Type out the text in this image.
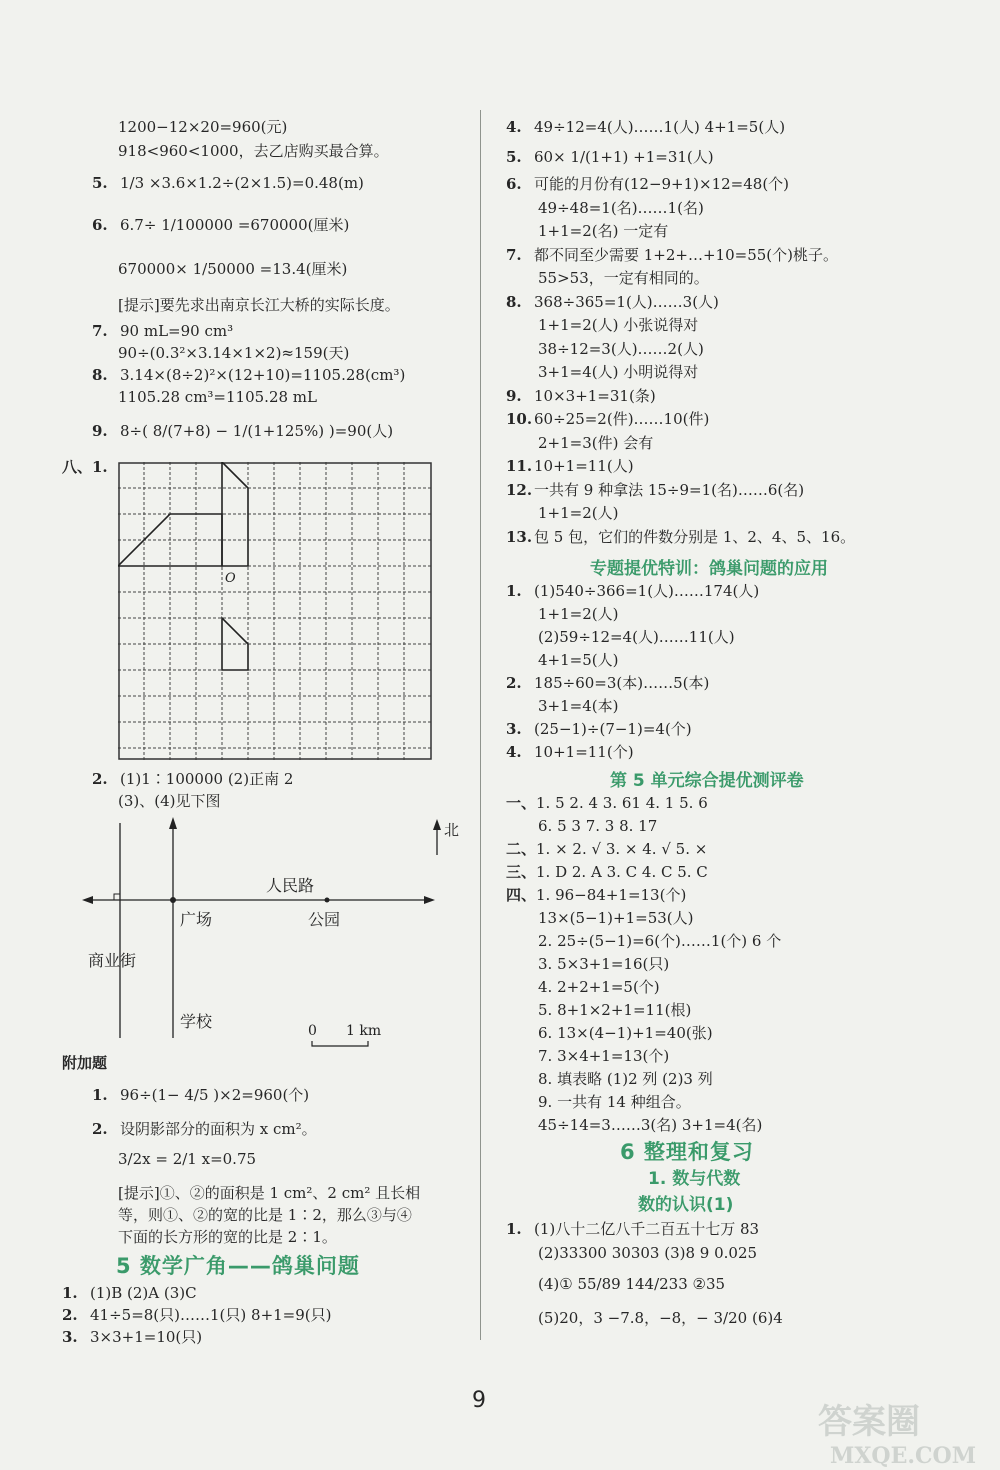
1200−12×20=960(元)
918<960<1000，去乙店购买最合算。
5. 1/3 ×3.6×1.2÷(2×1.5)=0.48(m)
6. 6.7÷ 1/100000 =670000(厘米)
670000× 1/50000 =13.4(厘米)
[提示]要先求出南京长江大桥的实际长度。
7. 90 mL=90 cm³
90÷(0.3²×3.14×1×2)≈159(天)
8. 3.14×(8÷2)²×(12+10)=1105.28(cm³)
1105.28 cm³=1105.28 mL
9. 8÷( 8/(7+8) − 1/(1+125%) )=90(人)
八、1.
O
2. (1)1∶100000 (2)正南 2
(3)、(4)见下图
北
人民路
广场	公园
商业街
学校	0 1 km
附加题
1. 96÷(1− 4/5 )×2=960(个)
2. 设阴影部分的面积为 x cm²。
3/2x = 2/1 x=0.75
[提示]①、②的面积是 1 cm²、2 cm² 且长相
等，则①、②的宽的比是 1∶2，那么③与④
下面的长方形的宽的比是 2∶1。
5 数学广角——鸽巢问题
1. (1)B (2)A (3)C
2. 41÷5=8(只)……1(只) 8+1=9(只)
3. 3×3+1=10(只)
4. 49÷12=4(人)……1(人) 4+1=5(人)
5. 60× 1/(1+1) +1=31(人)
6. 可能的月份有(12−9+1)×12=48(个)
49÷48=1(名)……1(名)
1+1=2(名) 一定有
7. 都不同至少需要 1+2+…+10=55(个)桃子。
55>53，一定有相同的。
8. 368÷365=1(人)……3(人)
1+1=2(人) 小张说得对
38÷12=3(人)……2(人)
3+1=4(人) 小明说得对
9. 10×3+1=31(条)
10. 60÷25=2(件)……10(件)
2+1=3(件) 会有
11. 10+1=11(人)
12. 一共有 9 种拿法 15÷9=1(名)……6(名)
1+1=2(人)
13. 包 5 包，它们的件数分别是 1、2、4、5、16。
专题提优特训：鸽巢问题的应用
1. (1)540÷366=1(人)……174(人)
1+1=2(人)
(2)59÷12=4(人)……11(人)
4+1=5(人)
2. 185÷60=3(本)……5(本)
3+1=4(本)
3. (25−1)÷(7−1)=4(个)
4. 10+1=11(个)
第 5 单元综合提优测评卷
一、1. 5 2. 4 3. 61 4. 1 5. 6
6. 5 3 7. 3 8. 17
二、1. × 2. √ 3. × 4. √ 5. ×
三、1. D 2. A 3. C 4. C 5. C
四、1. 96−84+1=13(个)
13×(5−1)+1=53(人)
2. 25÷(5−1)=6(个)……1(个) 6 个
3. 5×3+1=16(只)
4. 2+2+1=5(个)
5. 8+1×2+1=11(根)
6. 13×(4−1)+1=40(张)
7. 3×4+1=13(个)
8. 填表略 (1)2 列 (2)3 列
9. 一共有 14 种组合。
45÷14=3……3(名) 3+1=4(名)
6 整理和复习
1. 数与代数
数的认识(1)
1. (1)八十二亿八千二百五十七万 83
(2)33300 30303 (3)8 9 0.025
(4)① 55/89 144/233 ②35
(5)20，3 −7.8，−8，− 3/20 (6)4
9
答案圈
MXQE.COM
